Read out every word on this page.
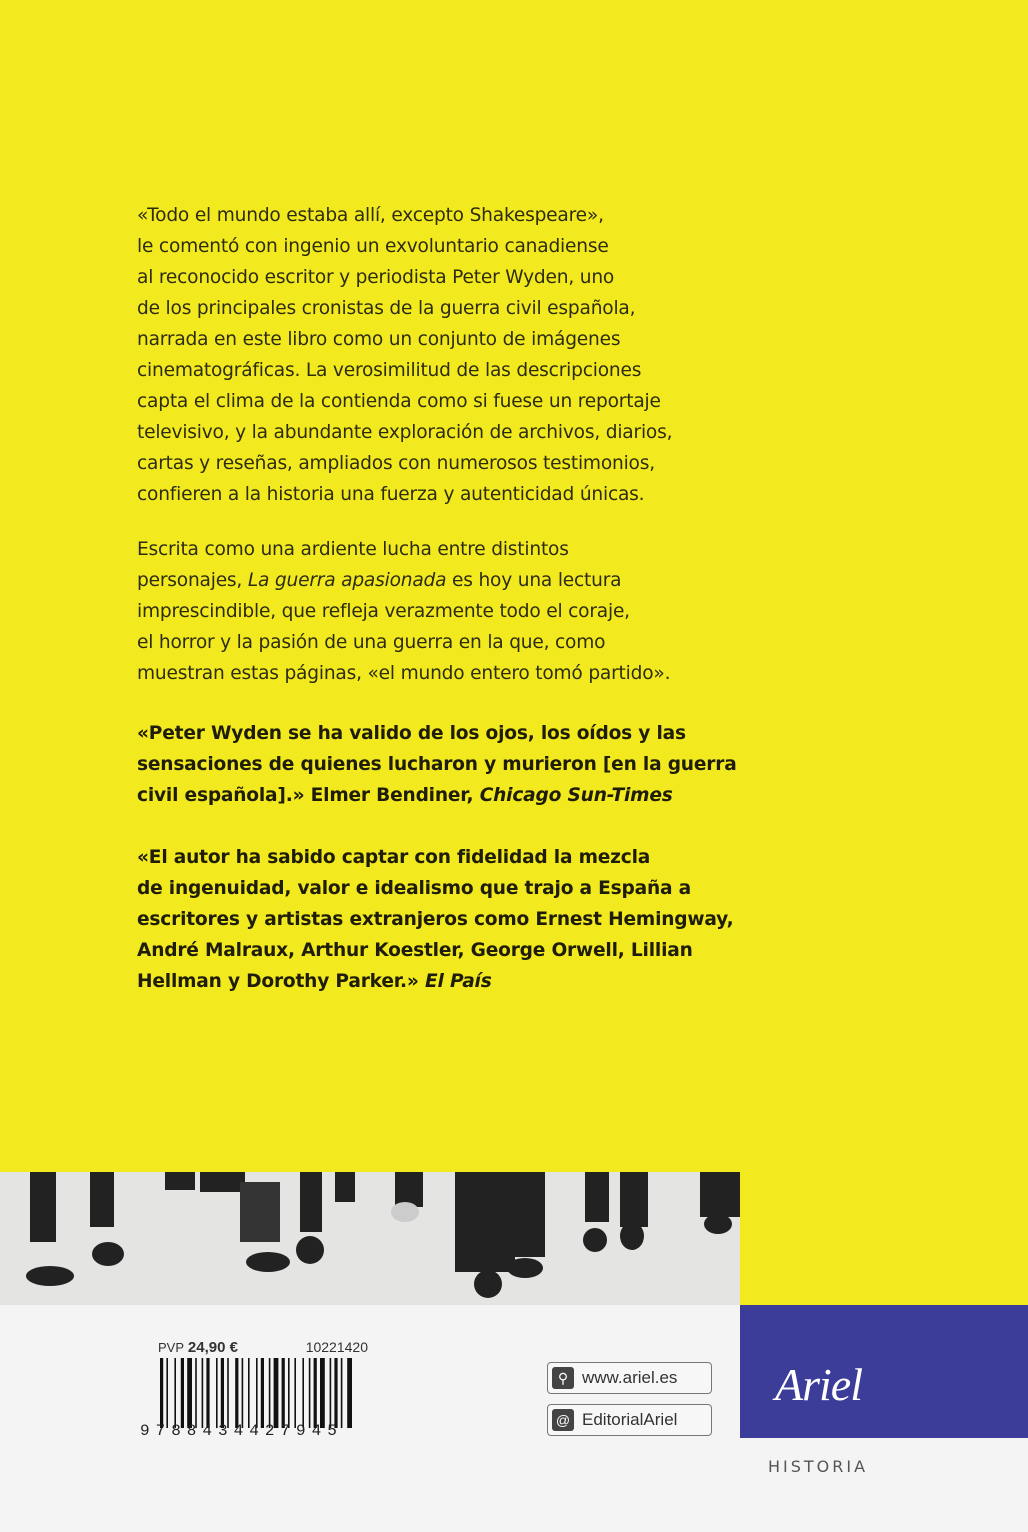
«Todo el mundo estaba allí, excepto Shakespeare»,

le comentó con ingenio un exvoluntario canadiense

al reconocido escritor y periodista Peter Wyden, uno

de los principales cronistas de la guerra civil española,

narrada en este libro como un conjunto de imágenes

cinematográficas. La verosimilitud de las descripciones

capta el clima de la contienda como si fuese un reportaje

televisivo, y la abundante exploración de archivos, diarios,

cartas y reseñas, ampliados con numerosos testimonios,

confieren a la historia una fuerza y autenticidad únicas.

Escrita como una ardiente lucha entre distintos

personajes, La guerra apasionada es hoy una lectura

imprescindible, que refleja verazmente todo el coraje,

el horror y la pasión de una guerra en la que, como

muestran estas páginas, «el mundo entero tomó partido».

«Peter Wyden se ha valido de los ojos, los oídos y las

sensaciones de quienes lucharon y murieron [en la guerra

civil española].» Elmer Bendiner, Chicago Sun-Times

«El autor ha sabido captar con fidelidad la mezcla

de ingenuidad, valor e idealismo que trajo a España a

escritores y artistas extranjeros como Ernest Hemingway,

André Malraux, Arthur Koestler, George Orwell, Lillian

Hellman y Dorothy Parker.» El País

Ariel
HISTORIA
PVP 24,90 €	10221420
9788434427945
⚲ www.ariel.es
@ EditorialAriel
